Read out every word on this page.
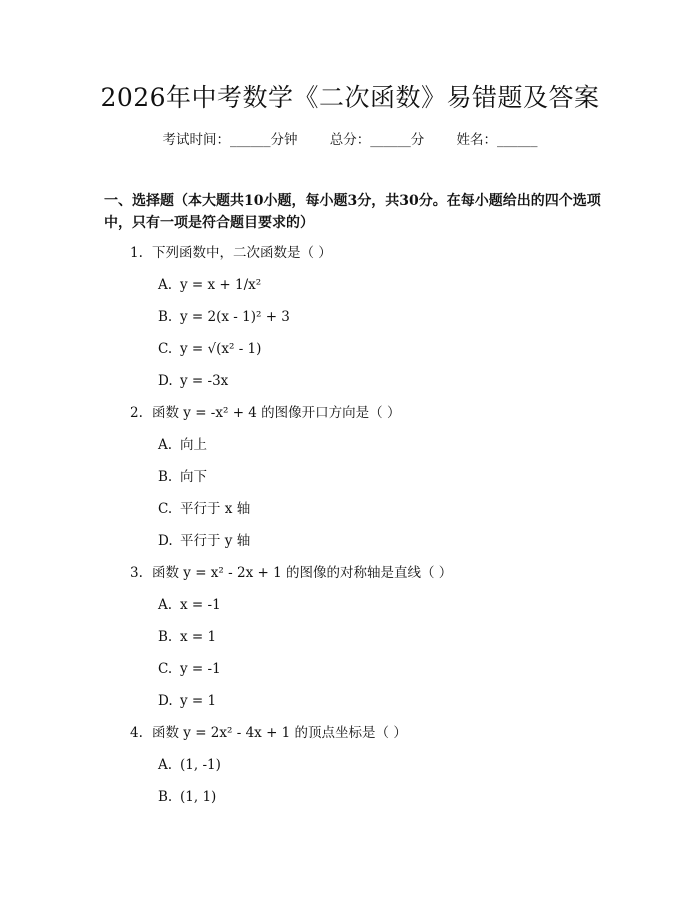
2026年中考数学《二次函数》易错题及答案
考试时间：______分钟 总分：______分 姓名：______
一、选择题（本大题共10小题，每小题3分，共30分。在每小题给出的四个选项中，只有一项是符合题目要求的）
1. 下列函数中，二次函数是（ ）
A. y = x + 1/x²
B. y = 2(x - 1)² + 3
C. y = √(x² - 1)
D. y = -3x
2. 函数 y = -x² + 4 的图像开口方向是（ ）
A. 向上
B. 向下
C. 平行于 x 轴
D. 平行于 y 轴
3. 函数 y = x² - 2x + 1 的图像的对称轴是直线（ ）
A. x = -1
B. x = 1
C. y = -1
D. y = 1
4. 函数 y = 2x² - 4x + 1 的顶点坐标是（ ）
A. (1, -1)
B. (1, 1)
